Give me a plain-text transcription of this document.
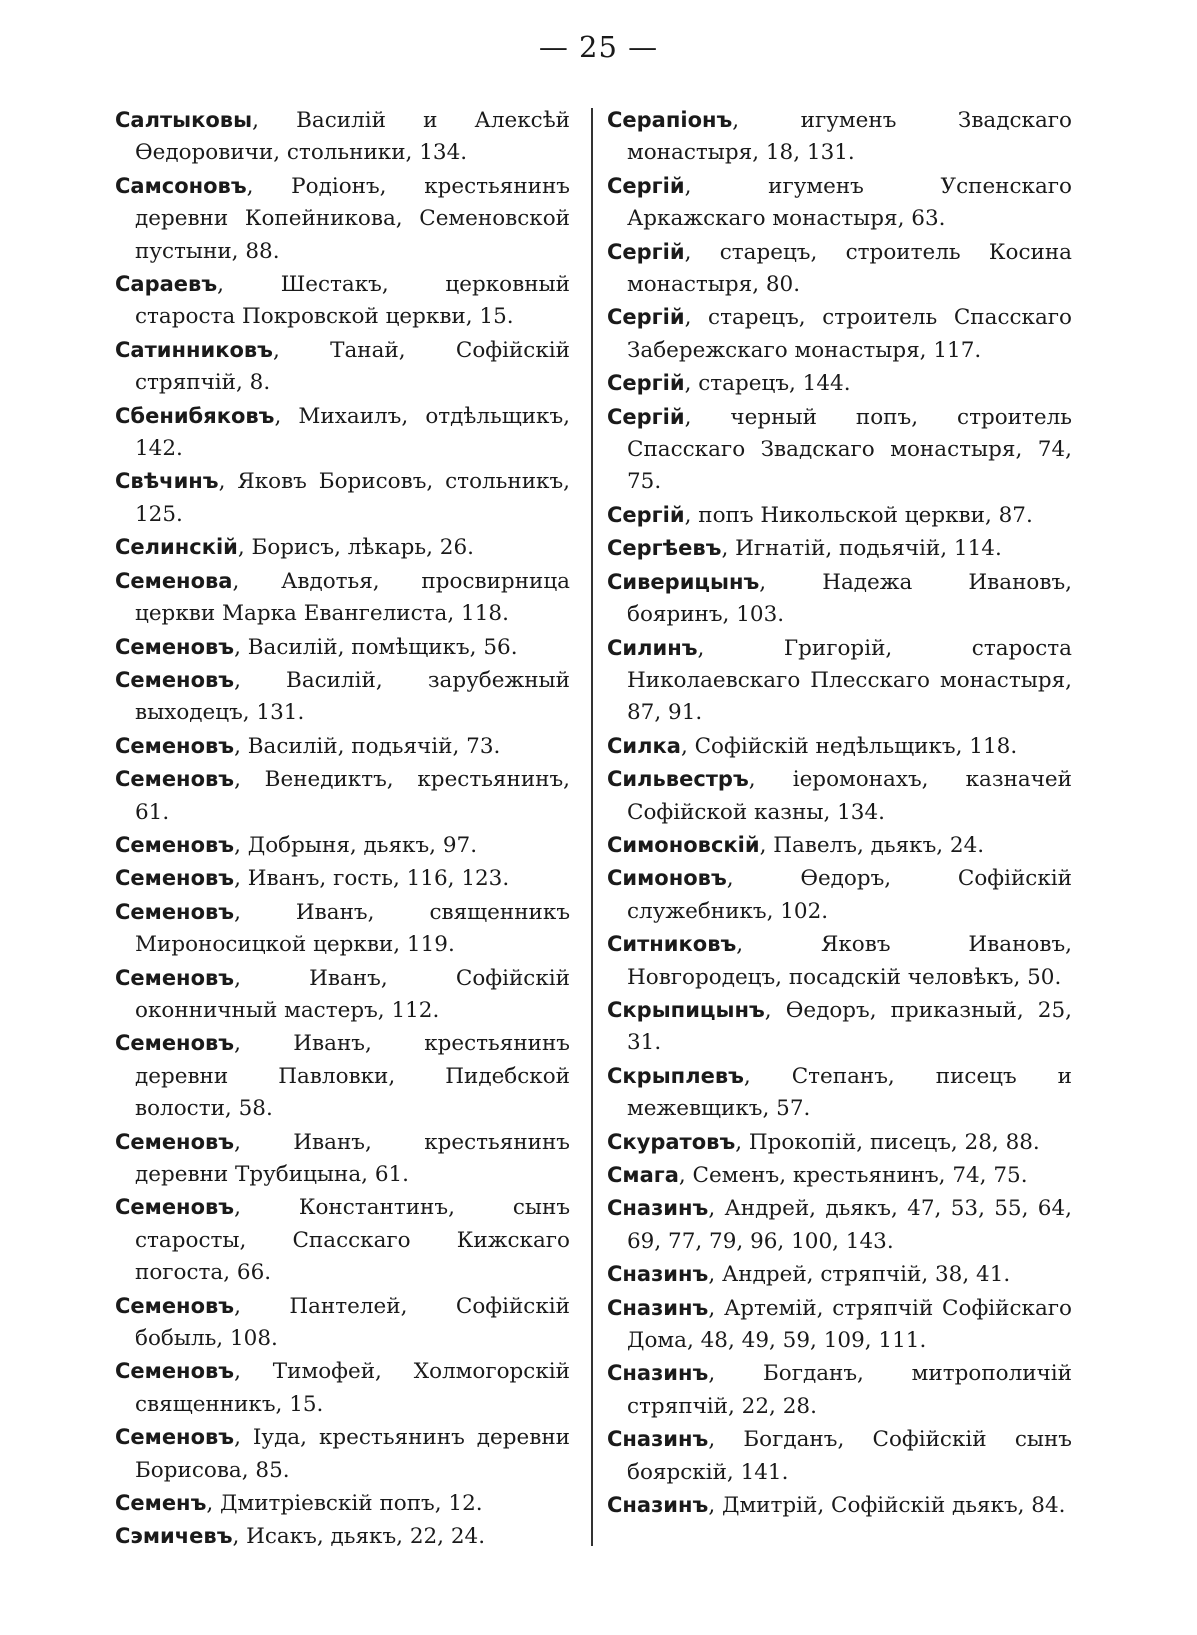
— 25 —
Салтыковы, Василій и Алексѣй Өедоровичи, стольники, 134.
Самсоновъ, Родіонъ, крестьянинъ деревни Копейникова, Семеновской пустыни, 88.
Сараевъ, Шестакъ, церковный староста Покровской церкви, 15.
Сатинниковъ, Танай, Софійскій стряпчій, 8.
Сбенибяковъ, Михаилъ, отдѣльщикъ, 142.
Свѣчинъ, Яковъ Борисовъ, стольникъ, 125.
Селинскій, Борисъ, лѣкарь, 26.
Семенова, Авдотья, просвирница церкви Марка Евангелиста, 118.
Семеновъ, Василій, помѣщикъ, 56.
Семеновъ, Василій, зарубежный выходецъ, 131.
Семеновъ, Василій, подьячій, 73.
Семеновъ, Венедиктъ, крестьянинъ, 61.
Семеновъ, Добрыня, дьякъ, 97.
Семеновъ, Иванъ, гость, 116, 123.
Семеновъ, Иванъ, священникъ Мироносицкой церкви, 119.
Семеновъ, Иванъ, Софійскій оконничный мастеръ, 112.
Семеновъ, Иванъ, крестьянинъ деревни Павловки, Пидебской волости, 58.
Семеновъ, Иванъ, крестьянинъ деревни Трубицына, 61.
Семеновъ, Константинъ, сынъ старосты, Спасскаго Кижскаго погоста, 66.
Семеновъ, Пантелей, Софійскій бобыль, 108.
Семеновъ, Тимофей, Холмогорскій священникъ, 15.
Семеновъ, Іуда, крестьянинъ деревни Борисова, 85.
Семенъ, Дмитріевскій попъ, 12.
Сэмичевъ, Исакъ, дьякъ, 22, 24.
Серапіонъ, игуменъ Звадскаго монастыря, 18, 131.
Сергій, игуменъ Успенскаго Аркажскаго монастыря, 63.
Сергій, старецъ, строитель Косина монастыря, 80.
Сергій, старецъ, строитель Спасскаго Забережскаго монастыря, 117.
Сергій, старецъ, 144.
Сергій, черный попъ, строитель Спасскаго Звадскаго монастыря, 74, 75.
Сергій, попъ Никольской церкви, 87.
Сергѣевъ, Игнатій, подьячій, 114.
Сиверицынъ, Надежа Ивановъ, бояринъ, 103.
Силинъ, Григорій, староста Николаевскаго Плесскаго монастыря, 87, 91.
Силка, Софійскій недѣльщикъ, 118.
Сильвестръ, іеромонахъ, казначей Софійской казны, 134.
Симоновскій, Павелъ, дьякъ, 24.
Симоновъ, Өедоръ, Софійскій служебникъ, 102.
Ситниковъ, Яковъ Ивановъ, Новгородецъ, посадскій человѣкъ, 50.
Скрыпицынъ, Өедоръ, приказный, 25, 31.
Скрыплевъ, Степанъ, писецъ и межевщикъ, 57.
Скуратовъ, Прокопій, писецъ, 28, 88.
Смага, Семенъ, крестьянинъ, 74, 75.
Сназинъ, Андрей, дьякъ, 47, 53, 55, 64, 69, 77, 79, 96, 100, 143.
Сназинъ, Андрей, стряпчій, 38, 41.
Сназинъ, Артемій, стряпчій Софійскаго Дома, 48, 49, 59, 109, 111.
Сназинъ, Богданъ, митрополичій стряпчій, 22, 28.
Сназинъ, Богданъ, Софійскій сынъ боярскій, 141.
Сназинъ, Дмитрій, Софійскій дьякъ, 84.
